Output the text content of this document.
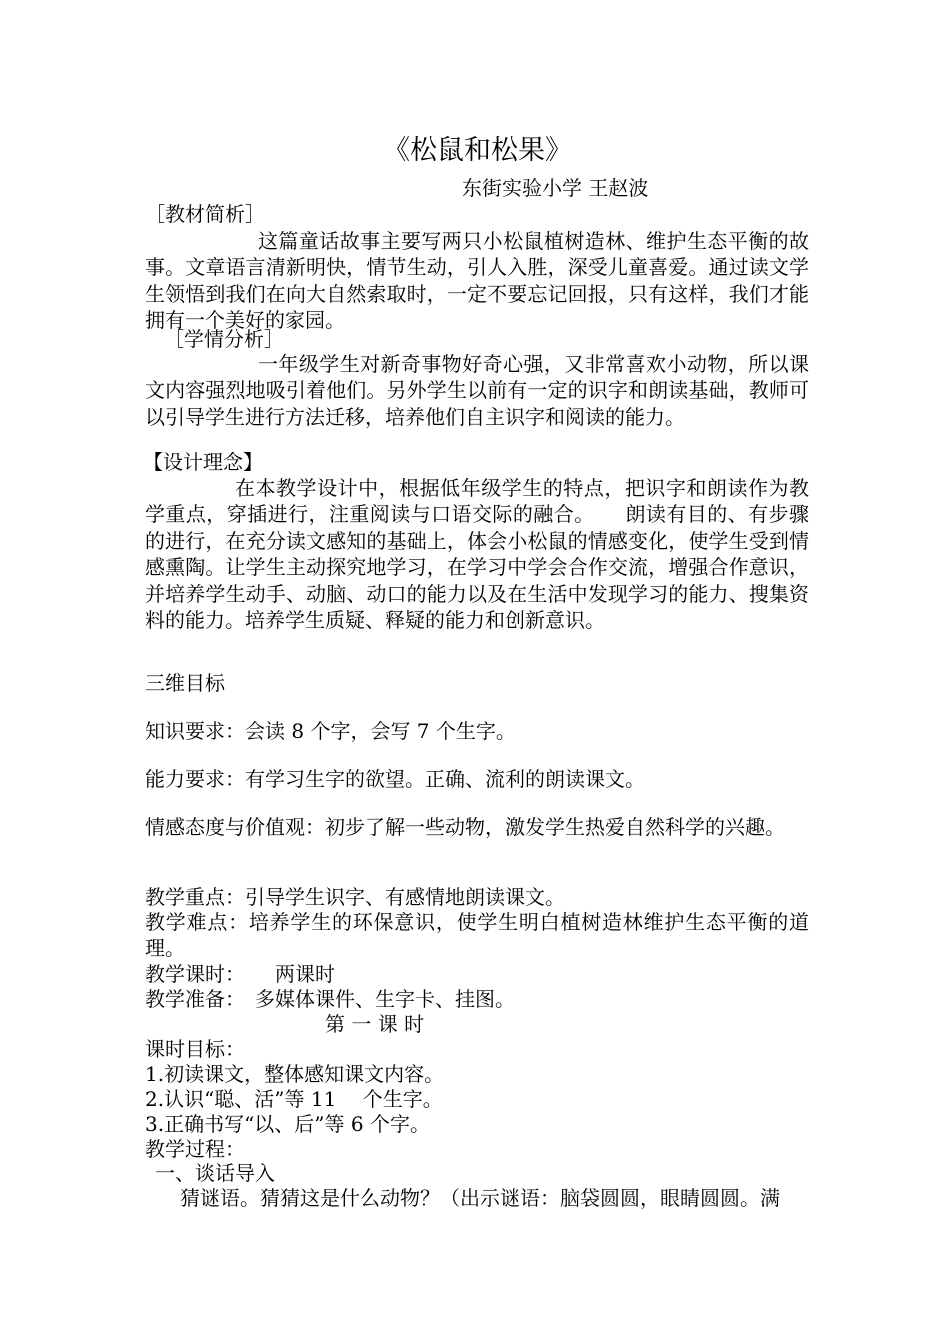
《松鼠和松果》

东街实验小学 王赵波

［教材简析］

这篇童话故事主要写两只小松鼠植树造林、维护生态平衡的故事。文章语言清新明快，情节生动，引人入胜，深受儿童喜爱。通过读文学生领悟到我们在向大自然索取时，一定不要忘记回报，只有这样，我们才能拥有一个美好的家园。

［学情分析］

一年级学生对新奇事物好奇心强，又非常喜欢小动物，所以课文内容强烈地吸引着他们。另外学生以前有一定的识字和朗读基础，教师可以引导学生进行方法迁移，培养他们自主识字和阅读的能力。

【设计理念】

在本教学设计中，根据低年级学生的特点，把识字和朗读作为教学重点，穿插进行，注重阅读与口语交际的融合。　　朗读有目的、有步骤的进行，在充分读文感知的基础上，体会小松鼠的情感变化，使学生受到情感熏陶。让学生主动探究地学习，在学习中学会合作交流，增强合作意识，并培养学生动手、动脑、动口的能力以及在生活中发现学习的能力、搜集资料的能力。培养学生质疑、释疑的能力和创新意识。

三维目标

知识要求：会读 8 个字，会写 7 个生字。

能力要求：有学习生字的欲望。正确、流利的朗读课文。

情感态度与价值观：初步了解一些动物，激发学生热爱自然科学的兴趣。

教学重点：引导学生识字、有感情地朗读课文。

教学难点：培养学生的环保意识，使学生明白植树造林维护生态平衡的道理。

教学课时：　　两课时

教学准备：　多媒体课件、生字卡、挂图。

第 一 课 时

课时目标：

1.初读课文，整体感知课文内容。

2.认识“聪、活”等 11　 个生字。

3.正确书写“以、后”等 6 个字。

教学过程：

一、谈话导入

猜谜语。猜猜这是什么动物？（出示谜语：脑袋圆圆，眼睛圆圆。满
